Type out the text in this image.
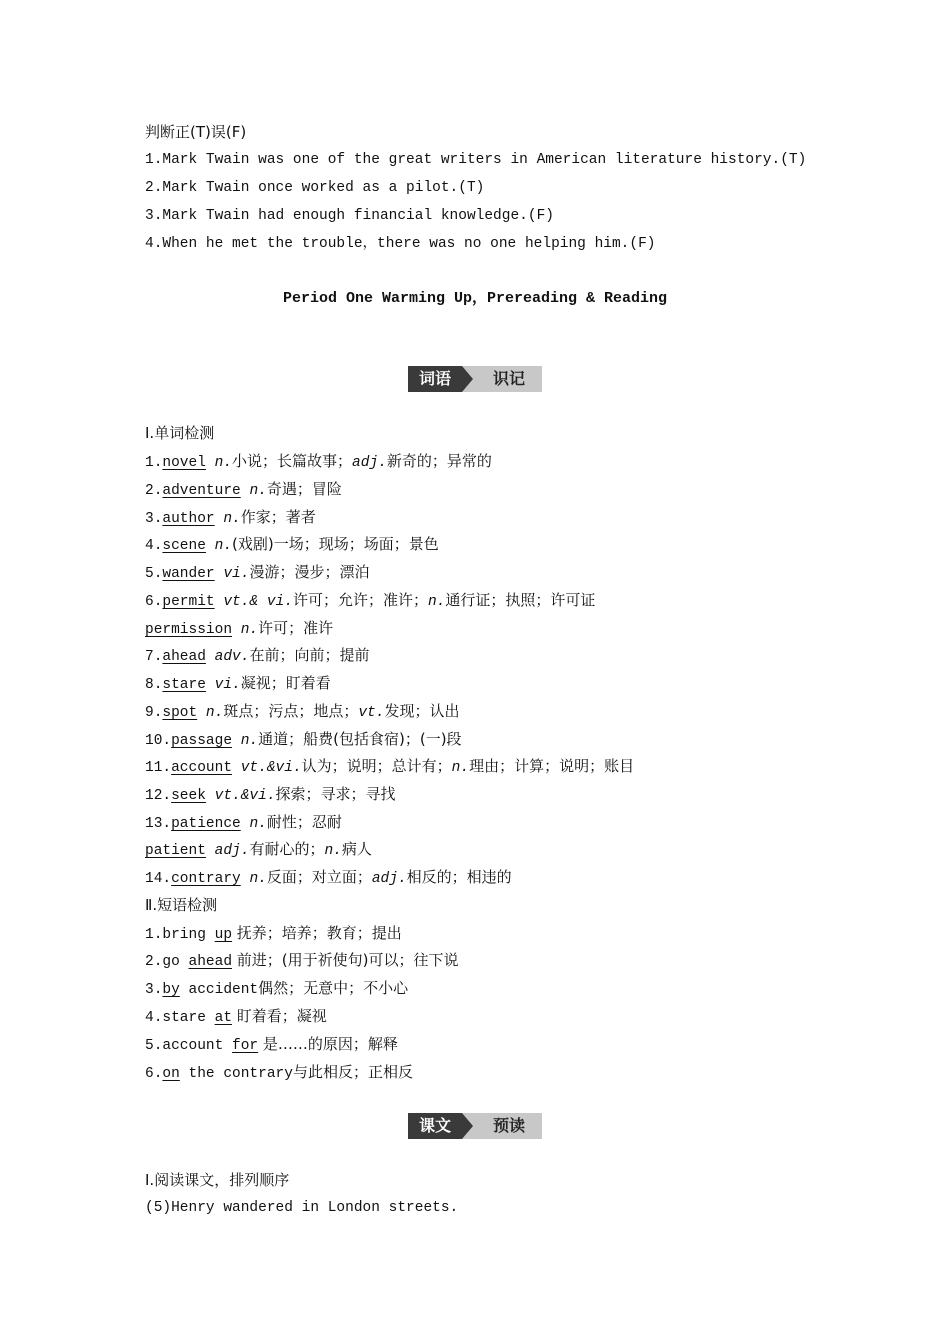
判断正(T)误(F)
1.Mark Twain was one of the great writers in American literature history.(T)
2.Mark Twain once worked as a pilot.(T)
3.Mark Twain had enough financial knowledge.(F)
4.When he met the trouble，there was no one helping him.(F)
Period One Warming Up，Prereading & Reading
词语	识记
Ⅰ.单词检测
1.novel n.小说；长篇故事；adj.新奇的；异常的
2.adventure n.奇遇；冒险
3.author n.作家；著者
4.scene n.(戏剧)一场；现场；场面；景色
5.wander vi.漫游；漫步；漂泊
6.permit vt.& vi.许可；允许；准许；n.通行证；执照；许可证
permission n.许可；准许
7.ahead adv.在前；向前；提前
8.stare vi.凝视；盯着看
9.spot n.斑点；污点；地点；vt.发现；认出
10.passage n.通道；船费(包括食宿)；(一)段
11.account vt.&vi.认为；说明；总计有；n.理由；计算；说明；账目
12.seek vt.&vi.探索；寻求；寻找
13.patience n.耐性；忍耐
patient adj.有耐心的；n.病人
14.contrary n.反面；对立面；adj.相反的；相违的
Ⅱ.短语检测
1.bring up 抚养；培养；教育；提出
2.go ahead 前进；(用于祈使句)可以；往下说
3.by accident偶然；无意中；不小心
4.stare at 盯着看；凝视
5.account for 是……的原因；解释
6.on the contrary与此相反；正相反
课文	预读
Ⅰ.阅读课文，排列顺序
(5)Henry wandered in London streets.
